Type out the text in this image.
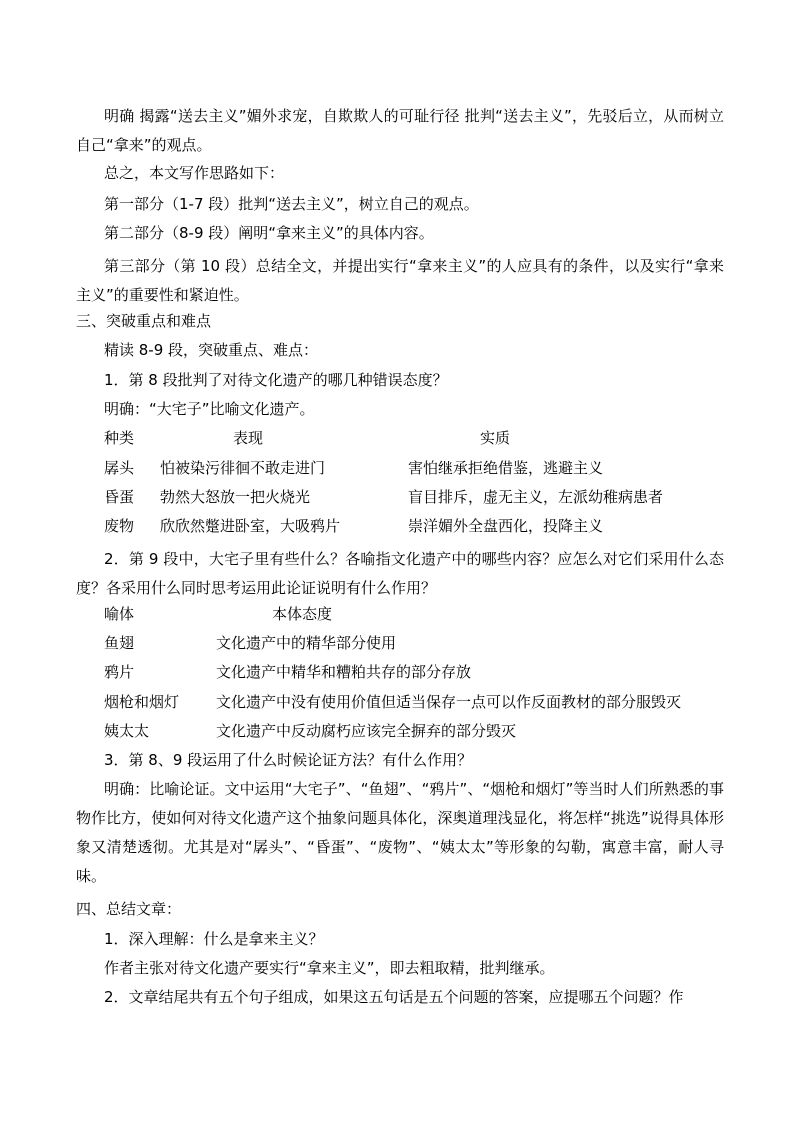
明确 揭露“送去主义”媚外求宠，自欺欺人的可耻行径 批判“送去主义”，先驳后立，从而树立自己“拿来”的观点。
总之，本文写作思路如下：
第一部分（1-7 段）批判“送去主义”，树立自己的观点。
第二部分（8-9 段）阐明“拿来主义”的具体内容。
第三部分（第 10 段）总结全文，并提出实行“拿来主义”的人应具有的条件，以及实行“拿来主义”的重要性和紧迫性。
三、突破重点和难点
精读 8-9 段，突破重点、难点：
1．第 8 段批判了对待文化遗产的哪几种错误态度？
明确：“大宅子”比喻文化遗产。
种类	表现	实质
孱头 怕被染污徘徊不敢走进门	害怕继承拒绝借鉴，逃避主义
昏蛋 勃然大怒放一把火烧光	盲目排斥，虚无主义，左派幼稚病患者
废物 欣欣然蹩进卧室，大吸鸦片	崇洋媚外全盘西化，投降主义
2．第 9 段中，大宅子里有些什么？各喻指文化遗产中的哪些内容？应怎么对它们采用什么态度？各采用什么同时思考运用此论证说明有什么作用？
喻体	本体态度
鱼翅	文化遗产中的精华部分使用
鸦片	文化遗产中精华和糟粕共存的部分存放
烟枪和烟灯 文化遗产中没有使用价值但适当保存一点可以作反面教材的部分服毁灭
姨太太	文化遗产中反动腐朽应该完全摒弃的部分毁灭
3．第 8、9 段运用了什么时候论证方法？有什么作用？
明确：比喻论证。文中运用“大宅子”、“鱼翅”、“鸦片”、“烟枪和烟灯”等当时人们所熟悉的事物作比方，使如何对待文化遗产这个抽象问题具体化，深奥道理浅显化，将怎样“挑选”说得具体形象又清楚透彻。尤其是对“孱头”、“昏蛋”、“废物”、“姨太太”等形象的勾勒，寓意丰富，耐人寻味。
四、总结文章：
1．深入理解：什么是拿来主义？
作者主张对待文化遗产要实行“拿来主义”，即去粗取精，批判继承。
2．文章结尾共有五个句子组成，如果这五句话是五个问题的答案，应提哪五个问题？作
